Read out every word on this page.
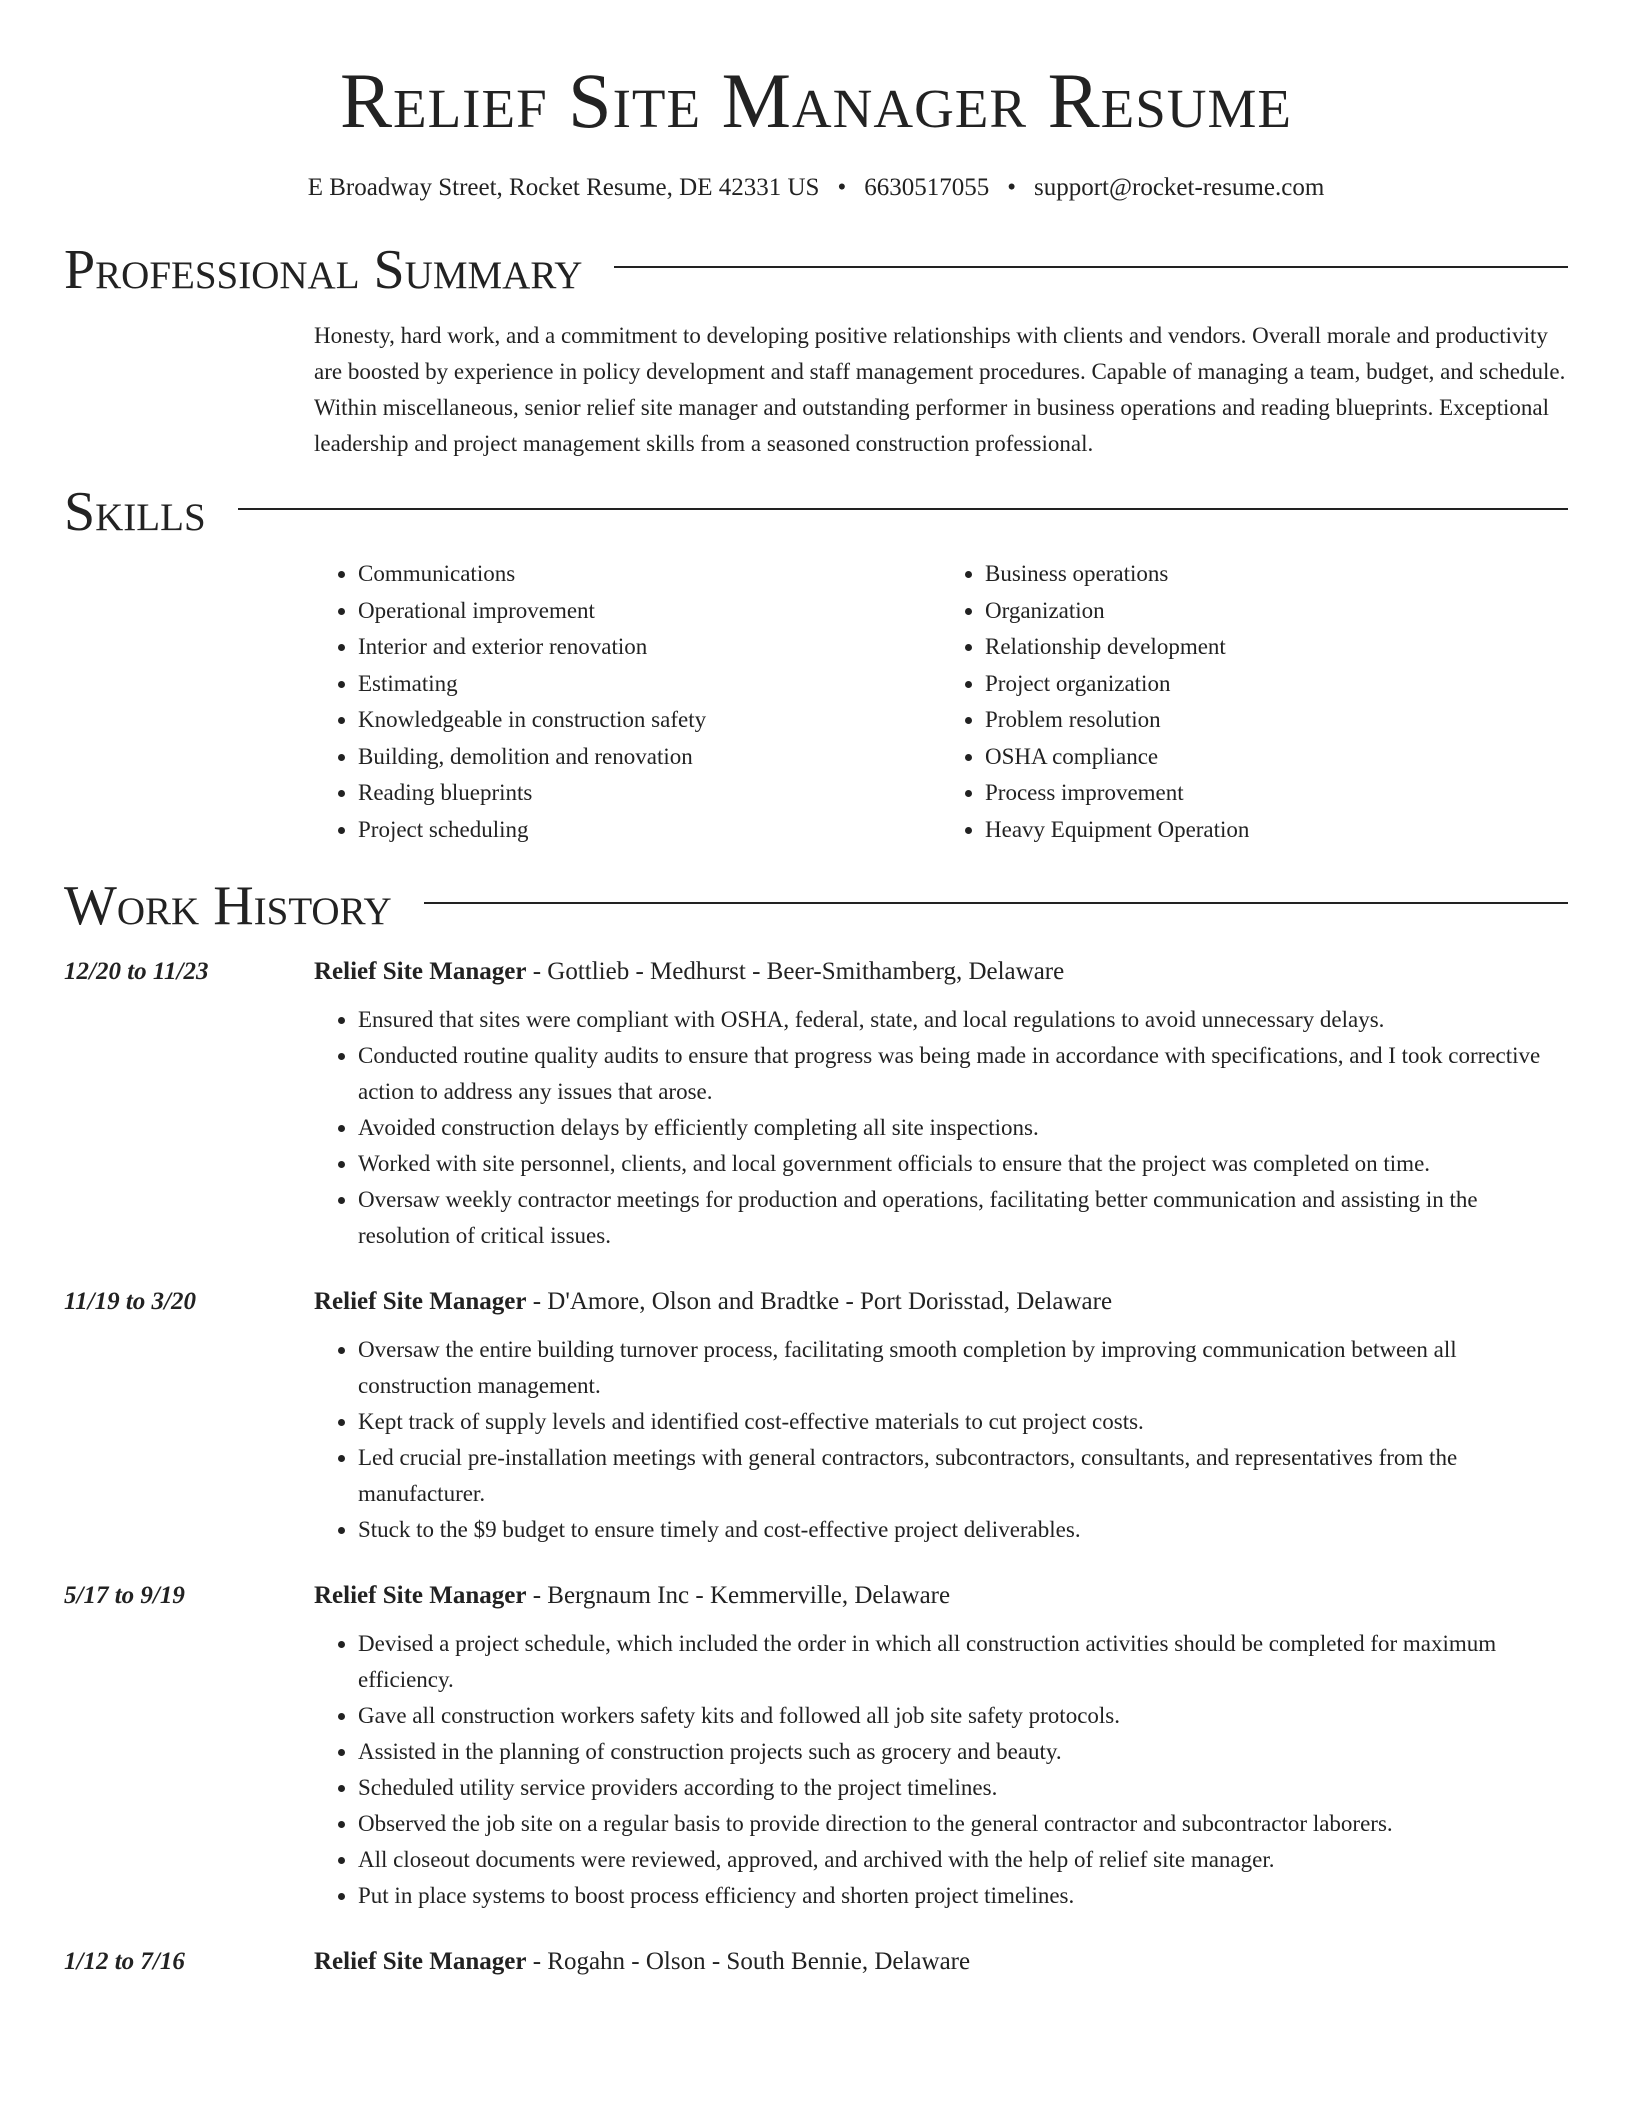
Relief Site Manager Resume
E Broadway Street, Rocket Resume, DE 42331 US • 6630517055 • support@rocket-resume.com
Professional Summary
Honesty, hard work, and a commitment to developing positive relationships with clients and vendors. Overall morale and productivity are boosted by experience in policy development and staff management procedures. Capable of managing a team, budget, and schedule. Within miscellaneous, senior relief site manager and outstanding performer in business operations and reading blueprints. Exceptional leadership and project management skills from a seasoned construction professional.
Skills
• Communications
• Operational improvement
• Interior and exterior renovation
• Estimating
• Knowledgeable in construction safety
• Building, demolition and renovation
• Reading blueprints
• Project scheduling
• Business operations
• Organization
• Relationship development
• Project organization
• Problem resolution
• OSHA compliance
• Process improvement
• Heavy Equipment Operation
Work History
12/20 to 11/23	Relief Site Manager - Gottlieb - Medhurst - Beer-Smithamberg, Delaware
• Ensured that sites were compliant with OSHA, federal, state, and local regulations to avoid unnecessary delays.
• Conducted routine quality audits to ensure that progress was being made in accordance with specifications, and I took corrective action to address any issues that arose.
• Avoided construction delays by efficiently completing all site inspections.
• Worked with site personnel, clients, and local government officials to ensure that the project was completed on time.
• Oversaw weekly contractor meetings for production and operations, facilitating better communication and assisting in the resolution of critical issues.
11/19 to 3/20	Relief Site Manager - D'Amore, Olson and Bradtke - Port Dorisstad, Delaware
• Oversaw the entire building turnover process, facilitating smooth completion by improving communication between all construction management.
• Kept track of supply levels and identified cost-effective materials to cut project costs.
• Led crucial pre-installation meetings with general contractors, subcontractors, consultants, and representatives from the manufacturer.
• Stuck to the $9 budget to ensure timely and cost-effective project deliverables.
5/17 to 9/19	Relief Site Manager - Bergnaum Inc - Kemmerville, Delaware
• Devised a project schedule, which included the order in which all construction activities should be completed for maximum efficiency.
• Gave all construction workers safety kits and followed all job site safety protocols.
• Assisted in the planning of construction projects such as grocery and beauty.
• Scheduled utility service providers according to the project timelines.
• Observed the job site on a regular basis to provide direction to the general contractor and subcontractor laborers.
• All closeout documents were reviewed, approved, and archived with the help of relief site manager.
• Put in place systems to boost process efficiency and shorten project timelines.
1/12 to 7/16	Relief Site Manager - Rogahn - Olson - South Bennie, Delaware
